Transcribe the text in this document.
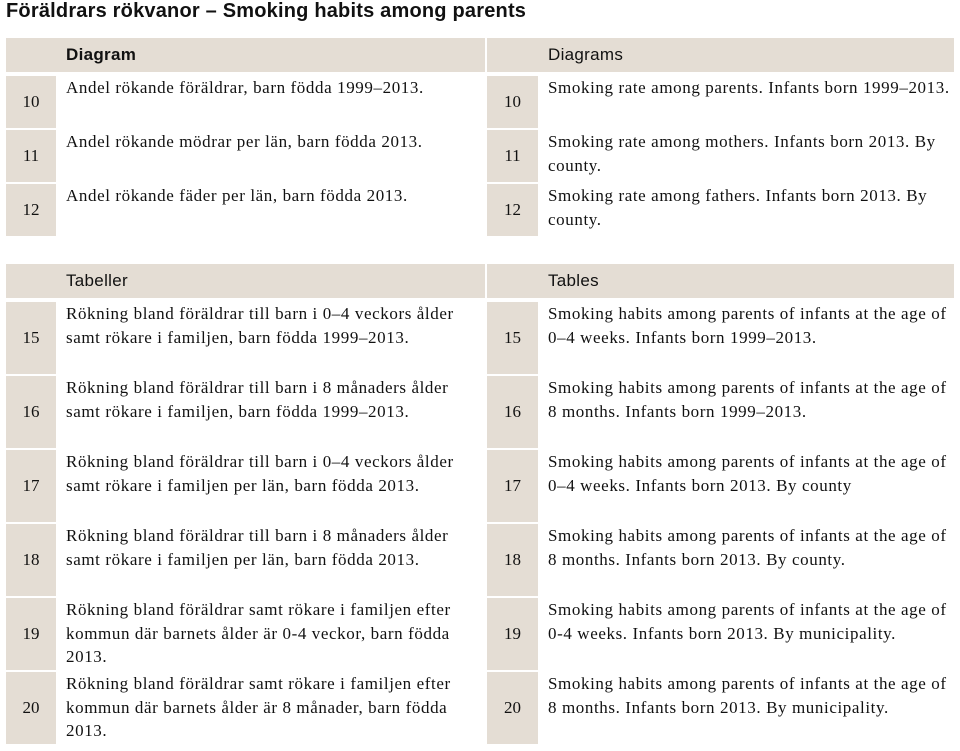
Föräldrars rökvanor – Smoking habits among parents
	Diagram		Diagrams
10	Andel rökande föräldrar, barn födda 1999–2013.	10	Smoking rate among parents. Infants born 1999–2013.
11	Andel rökande mödrar per län, barn födda 2013.	11	Smoking rate among mothers. Infants born 2013. By county.
12	Andel rökande fäder per län, barn födda 2013.	12	Smoking rate among fathers. Infants born 2013. By county.
	Tabeller		Tables
15	Rökning bland föräldrar till barn i 0–4 veckors ålder samt rökare i familjen, barn födda 1999–2013.	15	Smoking habits among parents of infants at the age of 0–4 weeks. Infants born 1999–2013.
16	Rökning bland föräldrar till barn i 8 månaders ålder samt rökare i familjen, barn födda 1999–2013.	16	Smoking habits among parents of infants at the age of 8 months. Infants born 1999–2013.
17	Rökning bland föräldrar till barn i 0–4 veckors ålder samt rökare i familjen per län, barn födda 2013.	17	Smoking habits among parents of infants at the age of 0–4 weeks. Infants born 2013. By county
18	Rökning bland föräldrar till barn i 8 månaders ålder samt rökare i familjen per län, barn födda 2013.	18	Smoking habits among parents of infants at the age of 8 months. Infants born 2013. By county.
19	Rökning bland föräldrar samt rökare i familjen efter kommun där barnets ålder är 0-4 veckor, barn födda 2013.	19	Smoking habits among parents of infants at the age of 0-4 weeks. Infants born 2013. By municipality.
20	Rökning bland föräldrar samt rökare i familjen efter kommun där barnets ålder är 8 månader, barn födda 2013.	20	Smoking habits among parents of infants at the age of 8 months. Infants born 2013. By municipality.
